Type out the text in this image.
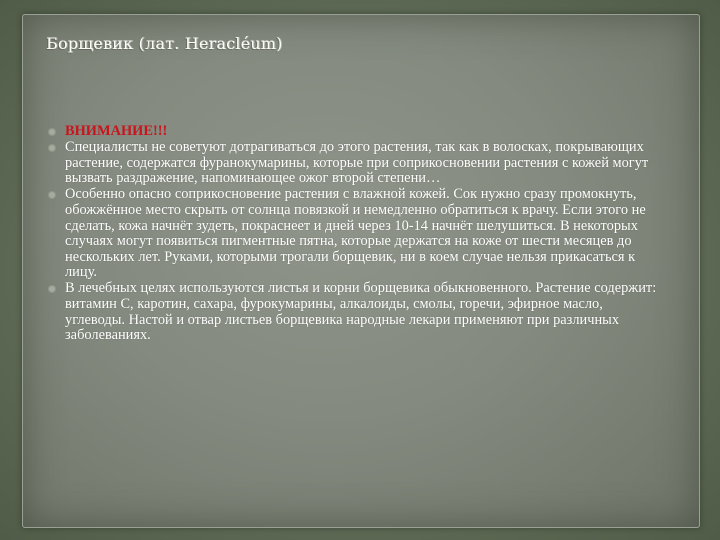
Борщевик (лат. Heracléum)
ВНИМАНИЕ!!!
Специалисты не советуют дотрагиваться до этого растения, так как в волосках, покрывающих растение, содержатся фуранокумарины, которые при соприкосновении растения с кожей могут вызвать раздражение, напоминающее ожог второй степени…
Особенно опасно соприкосновение растения с влажной кожей. Сок нужно сразу промокнуть, обожжённое место скрыть от солнца повязкой и немедленно обратиться к врачу. Если этого не сделать, кожа начнёт зудеть, покраснеет и дней через 10-14 начнёт шелушиться. В некоторых случаях могут появиться пигментные пятна, которые держатся на коже от шести месяцев до нескольких лет. Руками, которыми трогали борщевик, ни в коем случае нельзя прикасаться к лицу.
В лечебных целях используются листья и корни борщевика обыкновенного. Растение содержит: витамин С, каротин, сахара, фурокумарины, алкалоиды, смолы, горечи, эфирное масло, углеводы. Настой и отвар листьев борщевика народные лекари применяют при различных заболеваниях.
